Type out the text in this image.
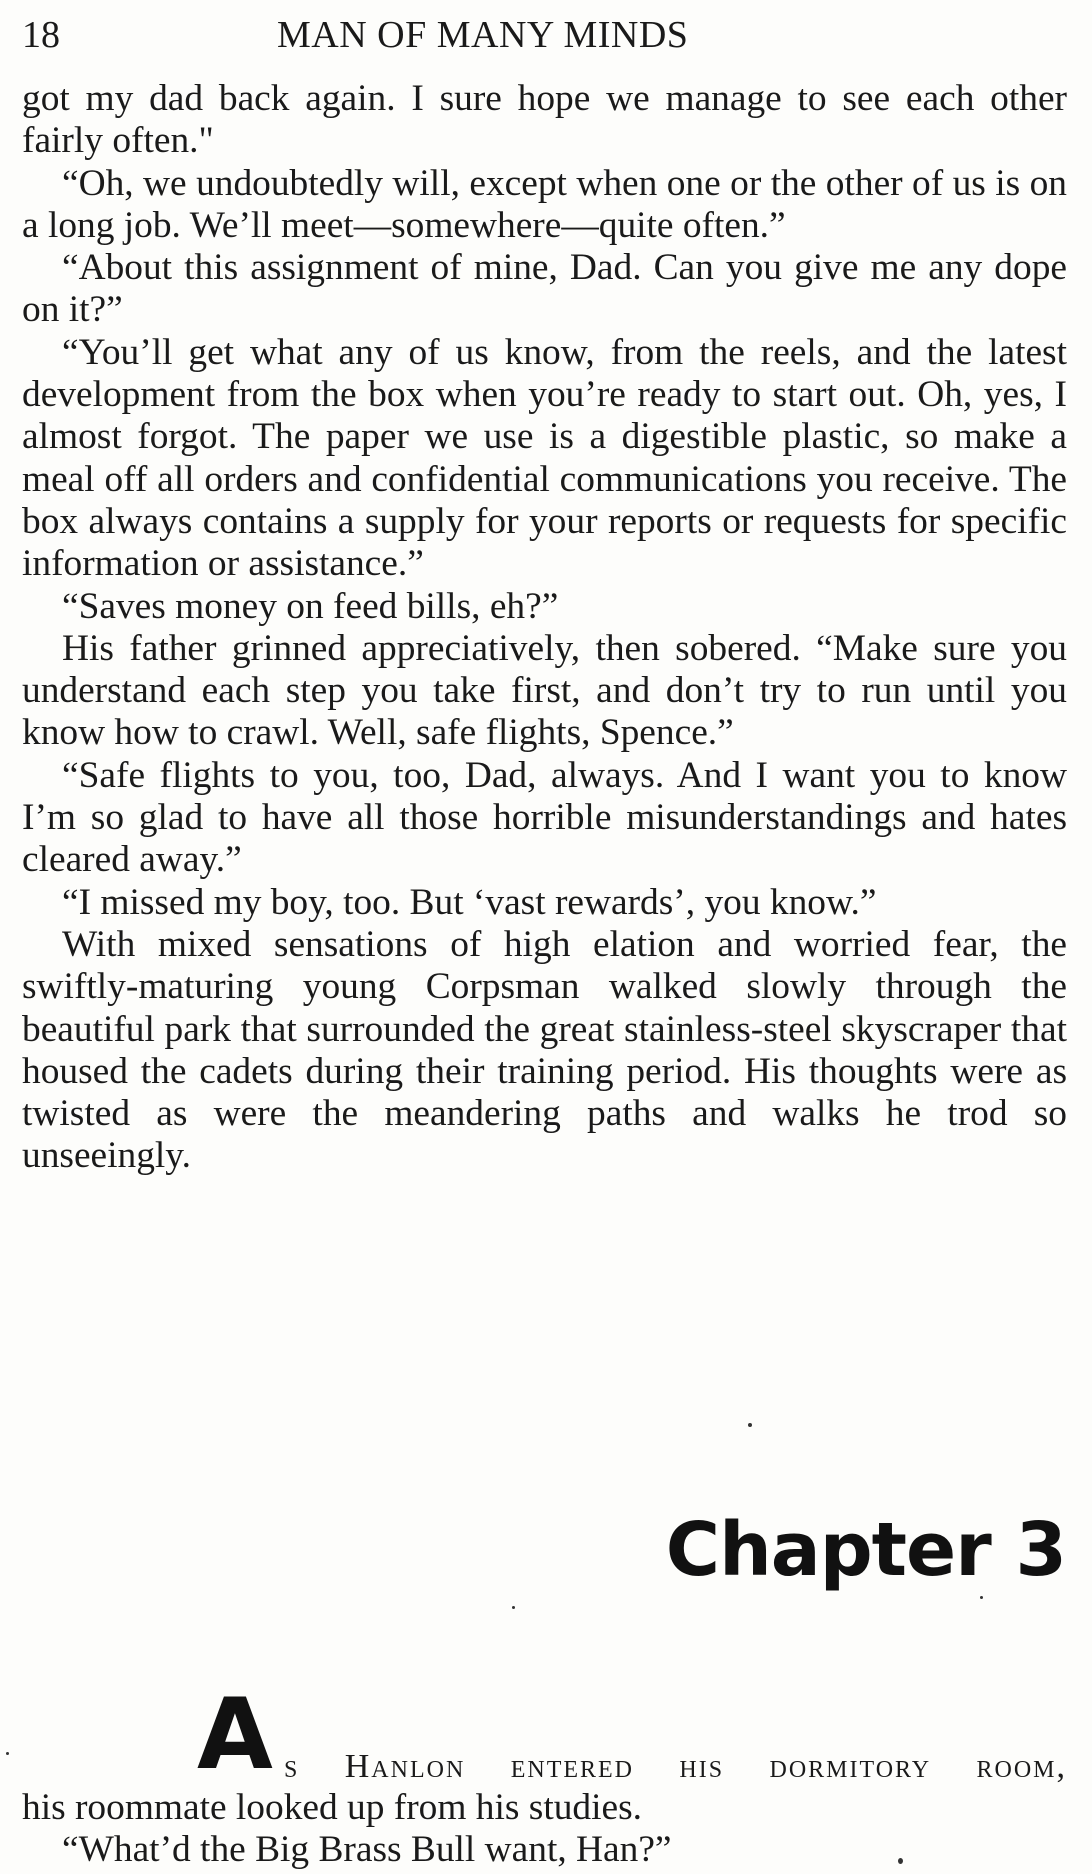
18	MAN OF MANY MINDS

got my dad back again. I sure hope we manage to see each other fairly often."

“Oh, we undoubtedly will, except when one or the other of us is on a long job. We’ll meet—somewhere—quite often.”

“About this assignment of mine, Dad. Can you give me any dope on it?”

“You’ll get what any of us know, from the reels, and the latest development from the box when you’re ready to start out. Oh, yes, I almost forgot. The paper we use is a digestible plastic, so make a meal off all orders and confidential communications you receive. The box always contains a supply for your reports or requests for specific information or assistance.”

“Saves money on feed bills, eh?”

His father grinned appreciatively, then sobered. “Make sure you understand each step you take first, and don’t try to run until you know how to crawl. Well, safe flights, Spence.”

“Safe flights to you, too, Dad, always. And I want you to know I’m so glad to have all those horrible misunderstandings and hates cleared away.”

“I missed my boy, too. But ‘vast rewards’, you know.”

With mixed sensations of high elation and worried fear, the swiftly-maturing young Corpsman walked slowly through the beautiful park that surrounded the great stainless-steel skyscraper that housed the cadets during their training period. His thoughts were as twisted as were the meandering paths and walks he trod so unseeingly.

Chapter 3
A s Hanlon entered his dormitory room,

his roommate looked up from his studies.

“What’d the Big Brass Bull want, Han?”
